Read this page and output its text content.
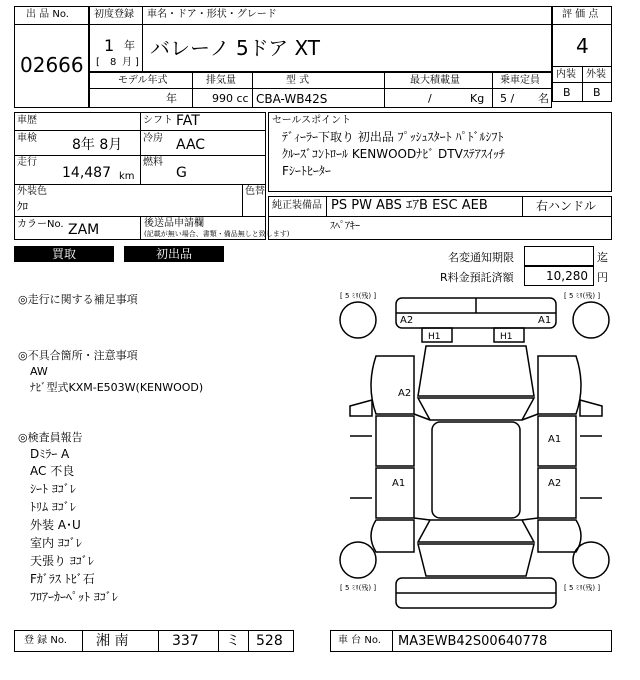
出 品 No.
02666
初度登録 車名・ドア・形状・グレード
1 年
[ 8 月 ]
バレーノ 5ドア XT
評 価 点
4
内装 外装
B B
モデル年式	排気量	型 式	最大積載量	乗車定員
年	990 cc CBA-WB42S	/	Kg 5 / 名
車歴	シフト FAT
車検	8年 8月 冷房 AAC
走行
14,487 km
燃料
G
外装色
ｸﾛ
色替
カラーNo. ZAM	後送品申請欄
(記載が無い場合、書類・備品無しと致します)
セールスポイント
ﾃﾞｨｰﾗｰ下取り 初出品 ﾌﾟｯｼｭｽﾀｰﾄ ﾊﾟﾄﾞﾙｼﾌﾄ
ｸﾙｰｽﾞｺﾝﾄﾛｰﾙ KENWOODﾅﾋﾞ DTVｽﾃｱｽｲｯﾁ
Fｼｰﾄﾋｰﾀｰ
純正装備品 PS PW ABS ｴｱB ESC AEB	右ハンドル
ｽﾍﾟｱｷｰ
買取	初出品	名変通知期限	迄
R料金預託済額	10,280 円
◎走行に関する補足事項
◎不具合箇所・注意事項
AW
ﾅﾋﾞ型式KXM-E503W(KENWOOD)
◎検査員報告
Dﾐﾗｰ A
AC 不良
ｼｰﾄ ﾖｺﾞﾚ
ﾄﾘﾑ ﾖｺﾞﾚ
外装 A･U
室内 ﾖｺﾞﾚ
天張り ﾖｺﾞﾚ
Fｶﾞﾗｽ ﾄﾋﾞ石
ﾌﾛｱｰｶｰﾍﾟｯﾄ ﾖｺﾞﾚ
[ 5 ﾐﾘ(残) ]	[ 5 ﾐﾘ(残) ]
[ 5 ﾐﾘ(残) ]	[ 5 ﾐﾘ(残) ]
A2	A1
H1	H1
A2
A1
A1	A2
登 録 No. 湘 南	337 ミ 528	車 台 No. MA3EWB42S00640778
